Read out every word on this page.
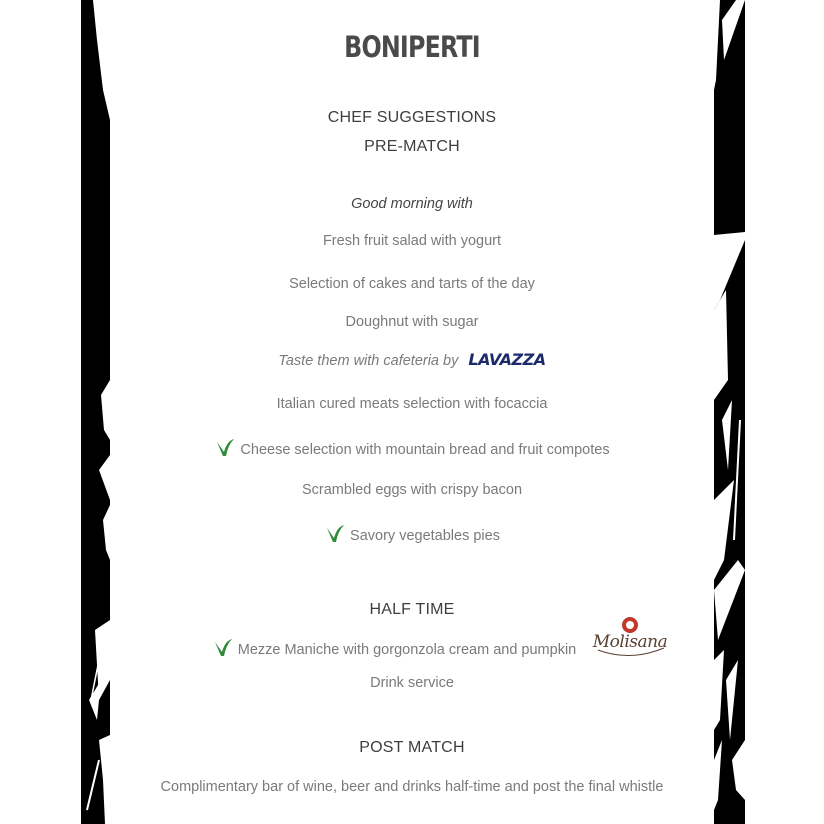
BONIPERTI
CHEF SUGGESTIONS
PRE-MATCH
Good morning with
Fresh fruit salad with yogurt
Selection of cakes and tarts of the day
Doughnut with sugar
Taste them with cafeteria by LAVAZZA
Italian cured meats selection with focaccia
Cheese selection with mountain bread and fruit compotes
Scrambled eggs with crispy bacon
Savory vegetables pies
HALF TIME
Mezze Maniche with gorgonzola cream and pumpkin Molisana
Drink service
POST MATCH
Complimentary bar of wine, beer and drinks half-time and post the final whistle
